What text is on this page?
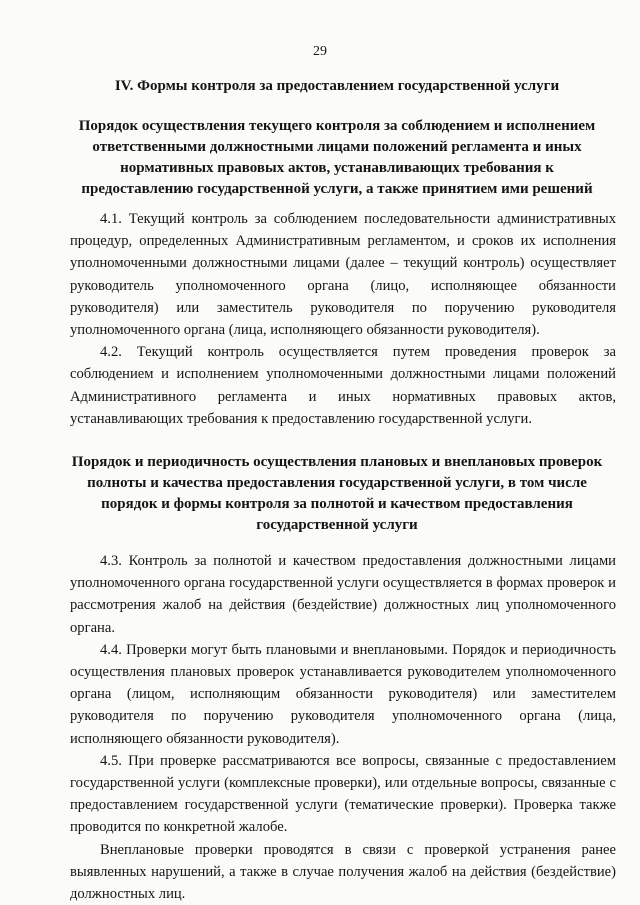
29
IV. Формы контроля за предоставлением государственной услуги
Порядок осуществления текущего контроля за соблюдением и исполнением ответственными должностными лицами положений регламента и иных нормативных правовых актов, устанавливающих требования к предоставлению государственной услуги, а также принятием ими решений

4.1. Текущий контроль за соблюдением последовательности административных процедур, определенных Административным регламентом, и сроков их исполнения уполномоченными должностными лицами (далее – текущий контроль) осуществляет руководитель уполномоченного органа (лицо, исполняющее обязанности руководителя) или заместитель руководителя по поручению руководителя уполномоченного органа (лица, исполняющего обязанности руководителя).

4.2. Текущий контроль осуществляется путем проведения проверок за соблюдением и исполнением уполномоченными должностными лицами положений Административного регламента и иных нормативных правовых актов, устанавливающих требования к предоставлению государственной услуги.

Порядок и периодичность осуществления плановых и внеплановых проверок полноты и качества предоставления государственной услуги, в том числе порядок и формы контроля за полнотой и качеством предоставления государственной услуги

4.3. Контроль за полнотой и качеством предоставления должностными лицами уполномоченного органа государственной услуги осуществляется в формах проверок и рассмотрения жалоб на действия (бездействие) должностных лиц уполномоченного органа.

4.4. Проверки могут быть плановыми и внеплановыми. Порядок и периодичность осуществления плановых проверок устанавливается руководителем уполномоченного органа (лицом, исполняющим обязанности руководителя) или заместителем руководителя по поручению руководителя уполномоченного органа (лица, исполняющего обязанности руководителя).

4.5. При проверке рассматриваются все вопросы, связанные с предоставлением государственной услуги (комплексные проверки), или отдельные вопросы, связанные с предоставлением государственной услуги (тематические проверки). Проверка также проводится по конкретной жалобе.

Внеплановые проверки проводятся в связи с проверкой устранения ранее выявленных нарушений, а также в случае получения жалоб на действия (бездействие) должностных лиц.
